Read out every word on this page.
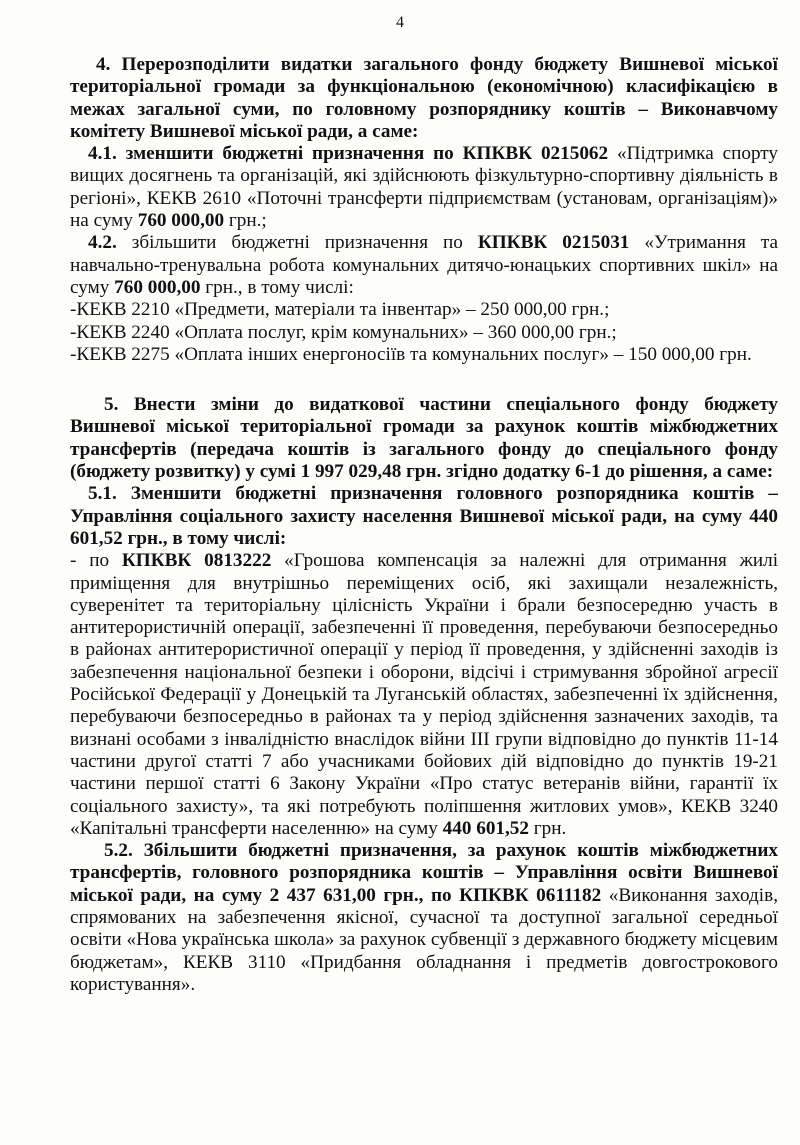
4

4. Перерозподілити видатки загального фонду бюджету Вишневої міської територіальної громади за функціональною (економічною) класифікацією в межах загальної суми, по головному розпоряднику коштів – Виконавчому комітету Вишневої міської ради, а саме:

4.1. зменшити бюджетні призначення по КПКВК 0215062 «Підтримка спорту вищих досягнень та організацій, які здійснюють фізкультурно-спортивну діяльність в регіоні», КЕКВ 2610 «Поточні трансферти підприємствам (установам, організаціям)» на суму 760 000,00 грн.;

4.2. збільшити бюджетні призначення по КПКВК 0215031 «Утримання та навчально-тренувальна робота комунальних дитячо-юнацьких спортивних шкіл» на суму 760 000,00 грн., в тому числі:

-КЕКВ 2210 «Предмети, матеріали та інвентар» – 250 000,00 грн.;

-КЕКВ 2240 «Оплата послуг, крім комунальних» – 360 000,00 грн.;

-КЕКВ 2275 «Оплата інших енергоносіїв та комунальних послуг» – 150 000,00 грн.

5. Внести зміни до видаткової частини спеціального фонду бюджету Вишневої міської територіальної громади за рахунок коштів міжбюджетних трансфертів (передача коштів із загального фонду до спеціального фонду (бюджету розвитку) у сумі 1 997 029,48 грн. згідно додатку 6-1 до рішення, а саме:

5.1. Зменшити бюджетні призначення головного розпорядника коштів – Управління соціального захисту населення Вишневої міської ради, на суму 440 601,52 грн., в тому числі:

- по КПКВК 0813222 «Грошова компенсація за належні для отримання жилі приміщення для внутрішньо переміщених осіб, які захищали незалежність, суверенітет та територіальну цілісність України і брали безпосередню участь в антитерористичній операції, забезпеченні її проведення, перебуваючи безпосередньо в районах антитерористичної операції у період її проведення, у здійсненні заходів із забезпечення національної безпеки і оборони, відсічі і стримування збройної агресії Російської Федерації у Донецькій та Луганській областях, забезпеченні їх здійснення, перебуваючи безпосередньо в районах та у період здійснення зазначених заходів, та визнані особами з інвалідністю внаслідок війни ІІІ групи відповідно до пунктів 11-14 частини другої статті 7 або учасниками бойових дій відповідно до пунктів 19-21 частини першої статті 6 Закону України «Про статус ветеранів війни, гарантії їх соціального захисту», та які потребують поліпшення житлових умов», КЕКВ 3240 «Капітальні трансферти населенню» на суму 440 601,52 грн.

5.2. Збільшити бюджетні призначення, за рахунок коштів міжбюджетних трансфертів, головного розпорядника коштів – Управління освіти Вишневої міської ради, на суму 2 437 631,00 грн., по КПКВК 0611182 «Виконання заходів, спрямованих на забезпечення якісної, сучасної та доступної загальної середньої освіти «Нова українська школа» за рахунок субвенції з державного бюджету місцевим бюджетам», КЕКВ 3110 «Придбання обладнання і предметів довгострокового користування».
